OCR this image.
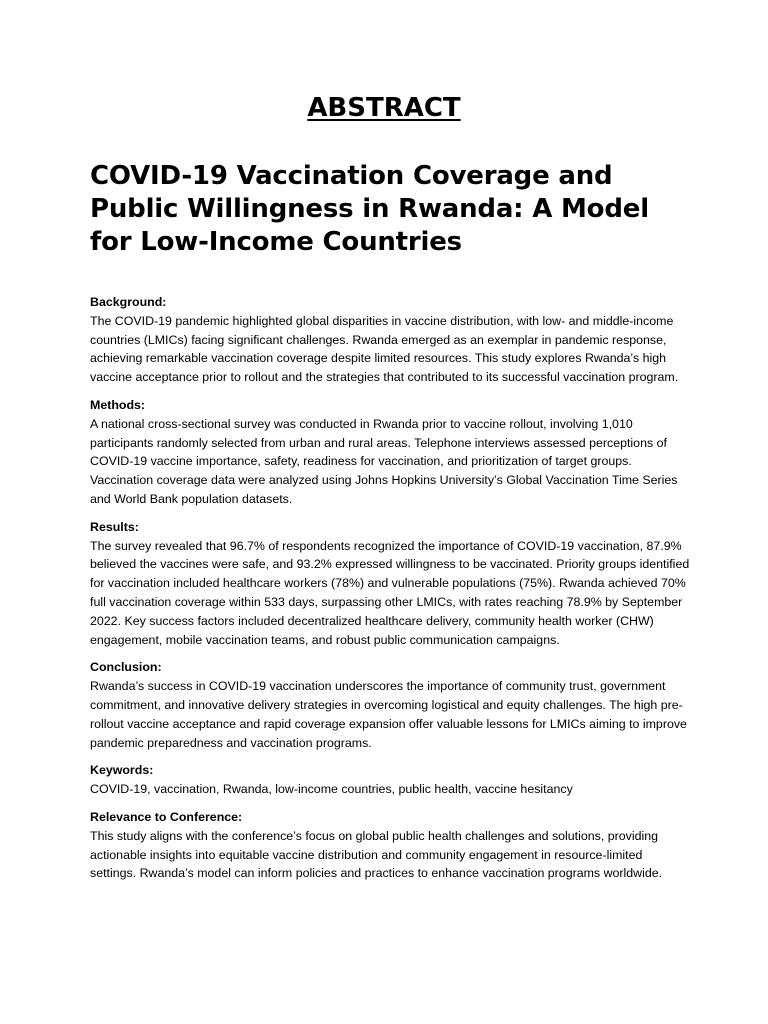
ABSTRACT
COVID-19 Vaccination Coverage and Public Willingness in Rwanda: A Model for Low-Income Countries
Background:

The COVID-19 pandemic highlighted global disparities in vaccine distribution, with low- and middle-income countries (LMICs) facing significant challenges. Rwanda emerged as an exemplar in pandemic response, achieving remarkable vaccination coverage despite limited resources. This study explores Rwanda’s high vaccine acceptance prior to rollout and the strategies that contributed to its successful vaccination program.

Methods:

A national cross-sectional survey was conducted in Rwanda prior to vaccine rollout, involving 1,010 participants randomly selected from urban and rural areas. Telephone interviews assessed perceptions of COVID-19 vaccine importance, safety, readiness for vaccination, and prioritization of target groups. Vaccination coverage data were analyzed using Johns Hopkins University’s Global Vaccination Time Series and World Bank population datasets.

Results:

The survey revealed that 96.7% of respondents recognized the importance of COVID-19 vaccination, 87.9% believed the vaccines were safe, and 93.2% expressed willingness to be vaccinated. Priority groups identified for vaccination included healthcare workers (78%) and vulnerable populations (75%). Rwanda achieved 70% full vaccination coverage within 533 days, surpassing other LMICs, with rates reaching 78.9% by September 2022. Key success factors included decentralized healthcare delivery, community health worker (CHW) engagement, mobile vaccination teams, and robust public communication campaigns.

Conclusion:

Rwanda’s success in COVID-19 vaccination underscores the importance of community trust, government commitment, and innovative delivery strategies in overcoming logistical and equity challenges. The high pre-rollout vaccine acceptance and rapid coverage expansion offer valuable lessons for LMICs aiming to improve pandemic preparedness and vaccination programs.

Keywords:

COVID-19, vaccination, Rwanda, low-income countries, public health, vaccine hesitancy

Relevance to Conference:

This study aligns with the conference’s focus on global public health challenges and solutions, providing actionable insights into equitable vaccine distribution and community engagement in resource-limited settings. Rwanda’s model can inform policies and practices to enhance vaccination programs worldwide.
